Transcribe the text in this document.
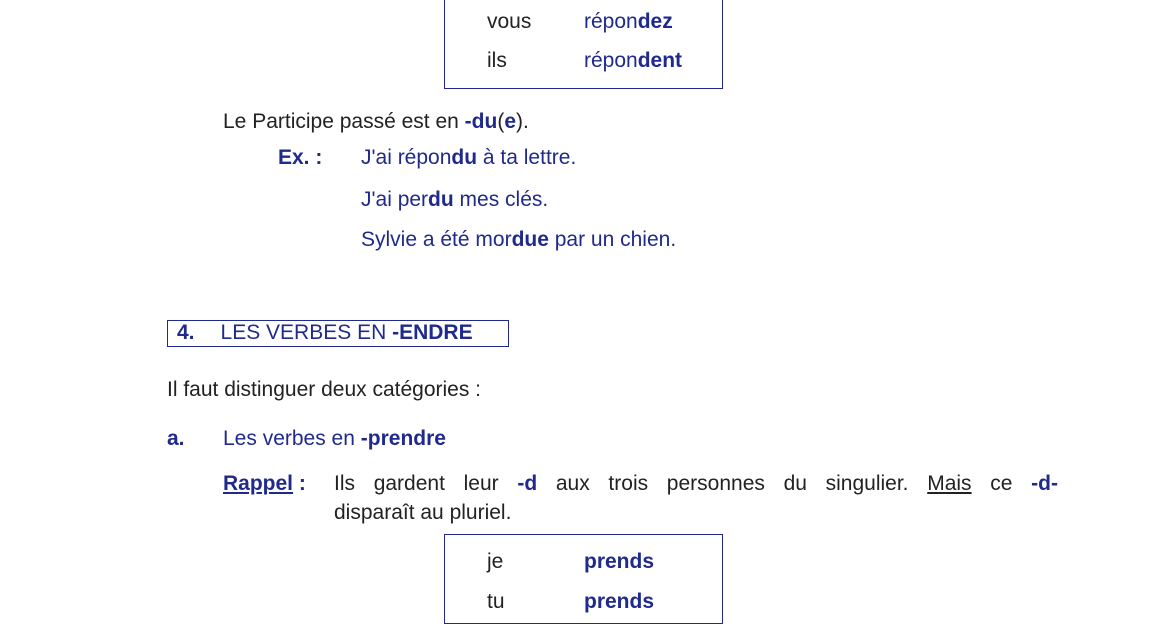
vous	répondez
ils	répondent
Le Participe passé est en -du(e).
Ex. : J'ai répondu à ta lettre.
J'ai perdu mes clés.
Sylvie a été mordue par un chien.
4. LES VERBES EN -ENDRE
Il faut distinguer deux catégories :
a. Les verbes en -prendre
Rappel : Ils gardent leur -d aux trois personnes du singulier. Mais ce -d-
disparaît au pluriel.
je	prends
tu	prends
